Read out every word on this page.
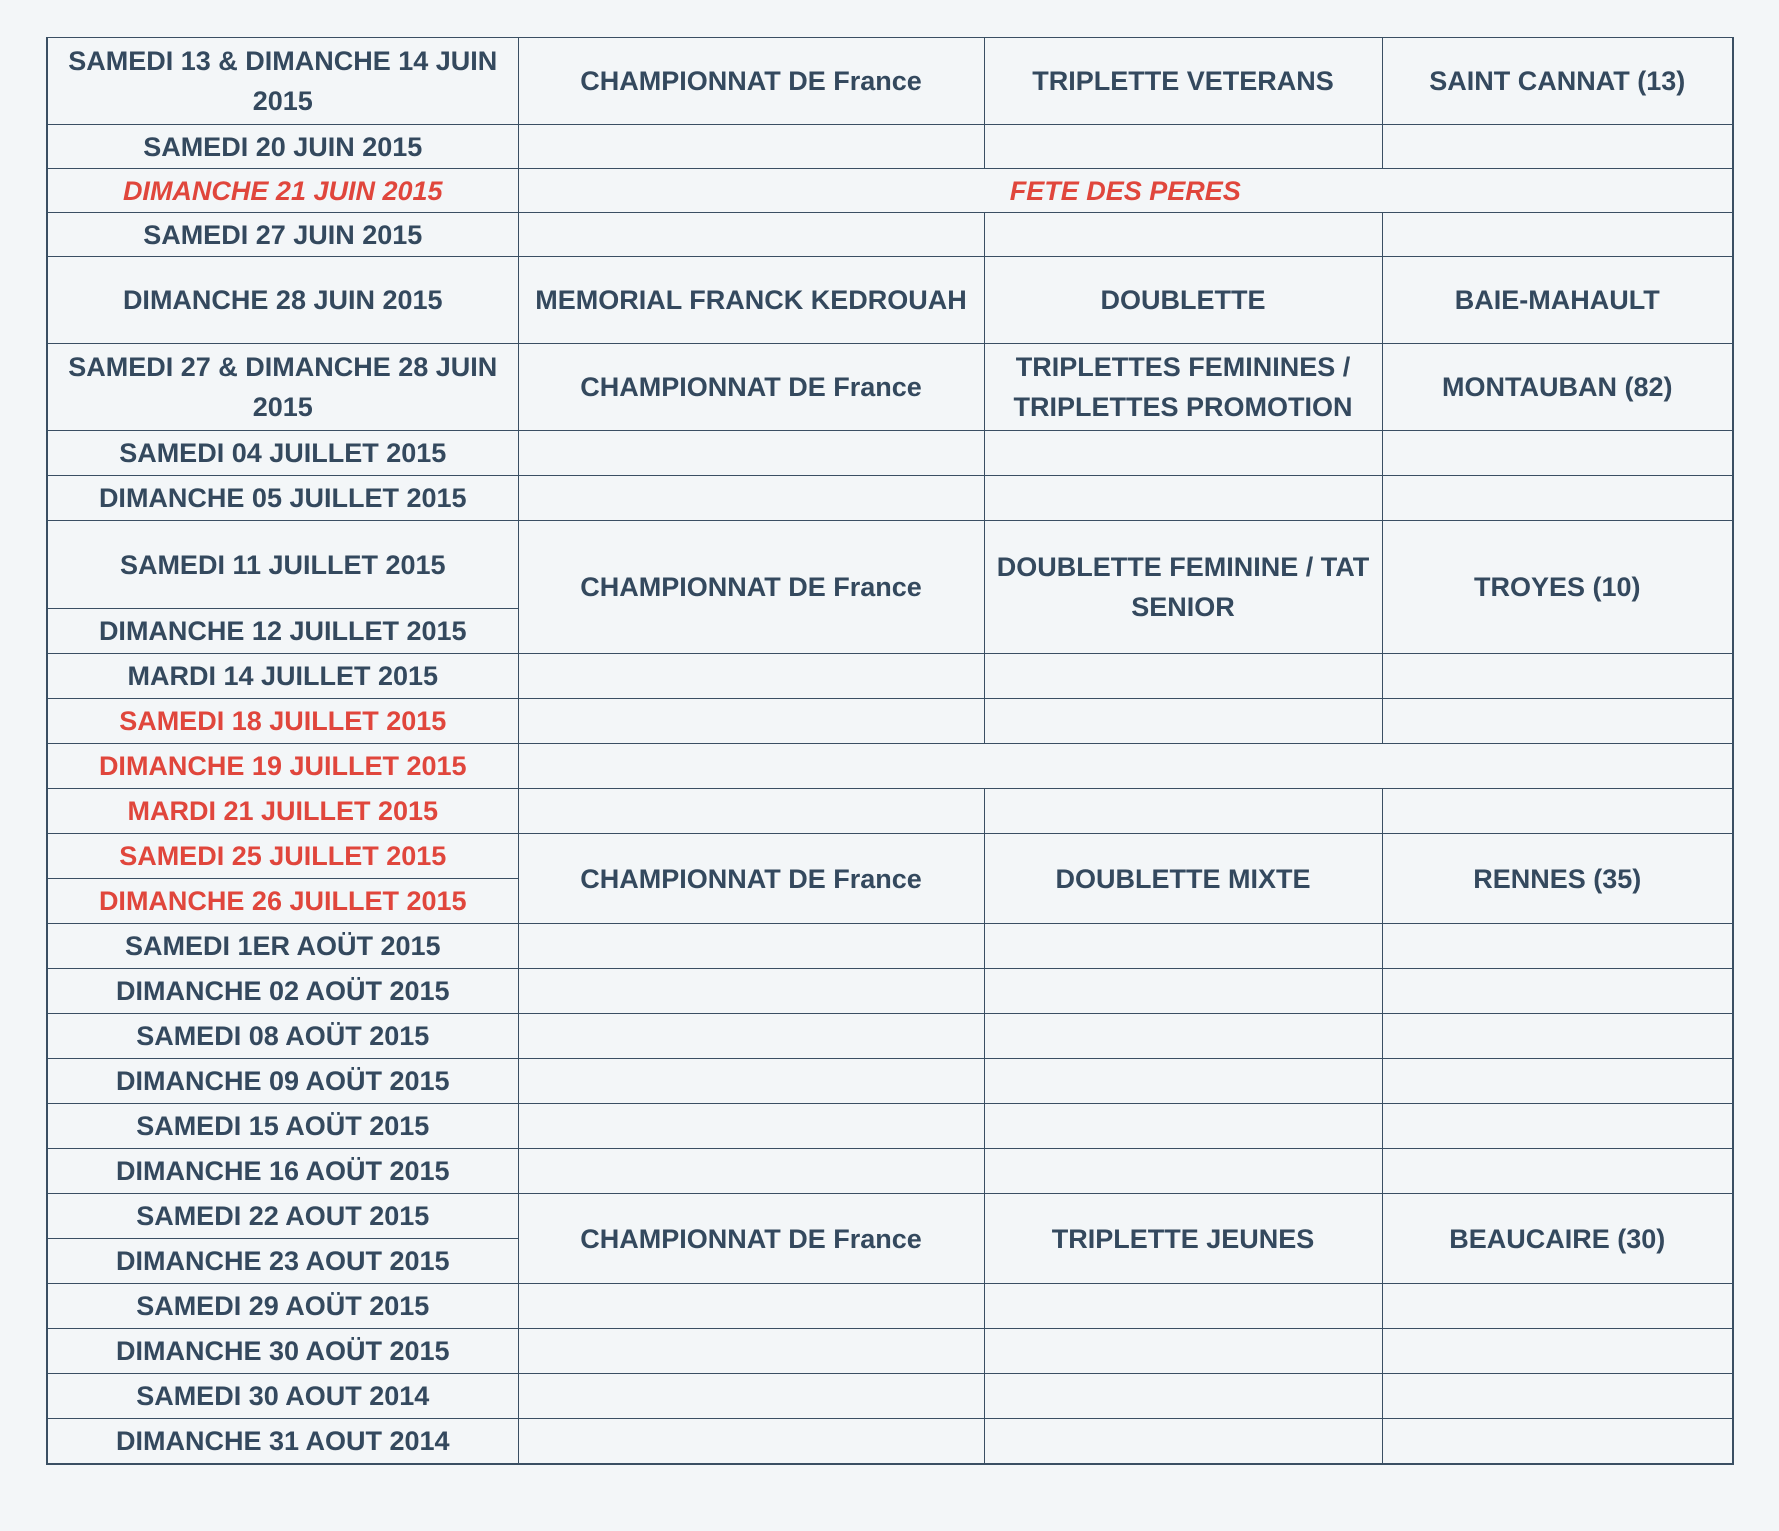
SAMEDI 13 & DIMANCHE 14 JUIN 2015	CHAMPIONNAT DE France	TRIPLETTE VETERANS	SAINT CANNAT (13)
SAMEDI 20 JUIN 2015			
DIMANCHE 21 JUIN 2015	FETE DES PERES		
SAMEDI 27 JUIN 2015			
DIMANCHE 28 JUIN 2015	MEMORIAL FRANCK KEDROUAH	DOUBLETTE	BAIE-MAHAULT
SAMEDI 27 & DIMANCHE 28 JUIN 2015	CHAMPIONNAT DE France	TRIPLETTES FEMININES / TRIPLETTES PROMOTION	MONTAUBAN (82)
SAMEDI 04 JUILLET 2015			
DIMANCHE 05 JUILLET 2015			
SAMEDI 11 JUILLET 2015	CHAMPIONNAT DE France	DOUBLETTE FEMININE / TAT SENIOR	TROYES (10)
DIMANCHE 12 JUILLET 2015			
MARDI 14 JUILLET 2015			
SAMEDI 18 JUILLET 2015			
DIMANCHE 19 JUILLET 2015			
MARDI 21 JUILLET 2015			
SAMEDI 25 JUILLET 2015	CHAMPIONNAT DE France	DOUBLETTE MIXTE	RENNES (35)
DIMANCHE 26 JUILLET 2015			
SAMEDI 1ER AOÜT 2015			
DIMANCHE 02 AOÜT 2015			
SAMEDI 08 AOÜT 2015			
DIMANCHE 09 AOÜT 2015			
SAMEDI 15 AOÜT 2015			
DIMANCHE 16 AOÜT 2015			
SAMEDI 22 AOUT 2015	CHAMPIONNAT DE France	TRIPLETTE JEUNES	BEAUCAIRE (30)
DIMANCHE 23 AOUT 2015			
SAMEDI 29 AOÜT 2015			
DIMANCHE 30 AOÜT 2015			
SAMEDI 30 AOUT 2014			
DIMANCHE 31 AOUT 2014			
